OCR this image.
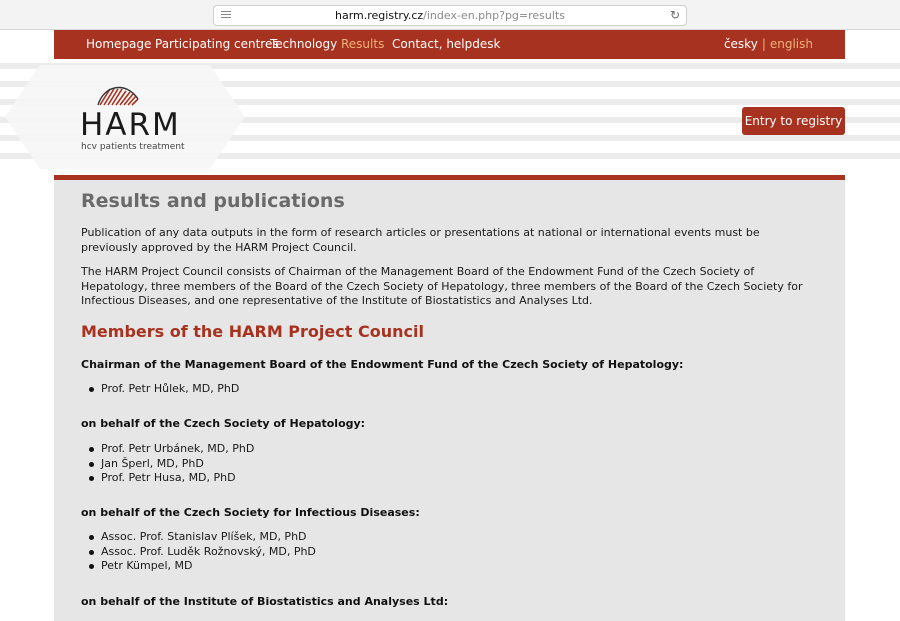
harm.registry.cz/index-en.php?pg=results	↻
Homepage Participating centres
Technology Results Contact, helpdesk	česky | english
HARM
hcv patients treatment
Entry to registry
Results and publications

Publication of any data outputs in the form of research articles or presentations at national or international events must be previously approved by the HARM Project Council.

The HARM Project Council consists of Chairman of the Management Board of the Endowment Fund of the Czech Society of Hepatology, three members of the Board of the Czech Society of Hepatology, three members of the Board of the Czech Society for Infectious Diseases, and one representative of the Institute of Biostatistics and Analyses Ltd.

Members of the HARM Project Council
Chairman of the Management Board of the Endowment Fund of the Czech Society of Hepatology:
Prof. Petr Hůlek, MD, PhD
on behalf of the Czech Society of Hepatology:
Prof. Petr Urbánek, MD, PhD
Jan Šperl, MD, PhD
Prof. Petr Husa, MD, PhD
on behalf of the Czech Society for Infectious Diseases:
Assoc. Prof. Stanislav Plíšek, MD, PhD
Assoc. Prof. Luděk Rožnovský, MD, PhD
Petr Kümpel, MD
on behalf of the Institute of Biostatistics and Analyses Ltd:
